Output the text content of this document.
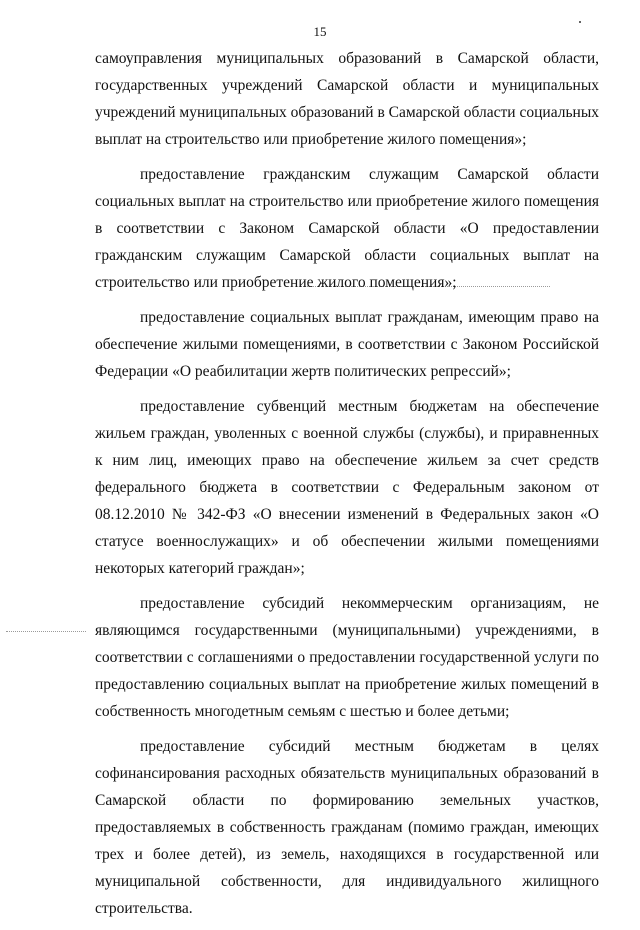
15

самоуправления муниципальных образований в Самарской области, государственных учреждений Самарской области и муниципальных учреждений муниципальных образований в Самарской области социальных выплат на строительство или приобретение жилого помещения»;

предоставление гражданским служащим Самарской области социальных выплат на строительство или приобретение жилого помещения в соответствии с Законом Самарской области «О предоставлении гражданским служащим Самарской области социальных выплат на строительство или приобретение жилого помещения»;

предоставление социальных выплат гражданам, имеющим право на обеспечение жилыми помещениями, в соответствии с Законом Российской Федерации «О реабилитации жертв политических репрессий»;

предоставление субвенций местным бюджетам на обеспечение жильем граждан, уволенных с военной службы (службы), и приравненных к ним лиц, имеющих право на обеспечение жильем за счет средств федерального бюджета в соответствии с Федеральным законом от 08.12.2010 № 342-ФЗ «О внесении изменений в Федеральных закон «О статусе военнослужащих» и об обеспечении жилыми помещениями некоторых категорий граждан»;

предоставление субсидий некоммерческим организациям, не являющимся государственными (муниципальными) учреждениями, в соответствии с соглашениями о предоставлении государственной услуги по предоставлению социальных выплат на приобретение жилых помещений в собственность многодетным семьям с шестью и более детьми;

предоставление субсидий местным бюджетам в целях софинансирования расходных обязательств муниципальных образований в Самарской области по формированию земельных участков, предоставляемых в собственность гражданам (помимо граждан, имеющих трех и более детей), из земель, находящихся в государственной или муниципальной собственности, для индивидуального жилищного строительства.
